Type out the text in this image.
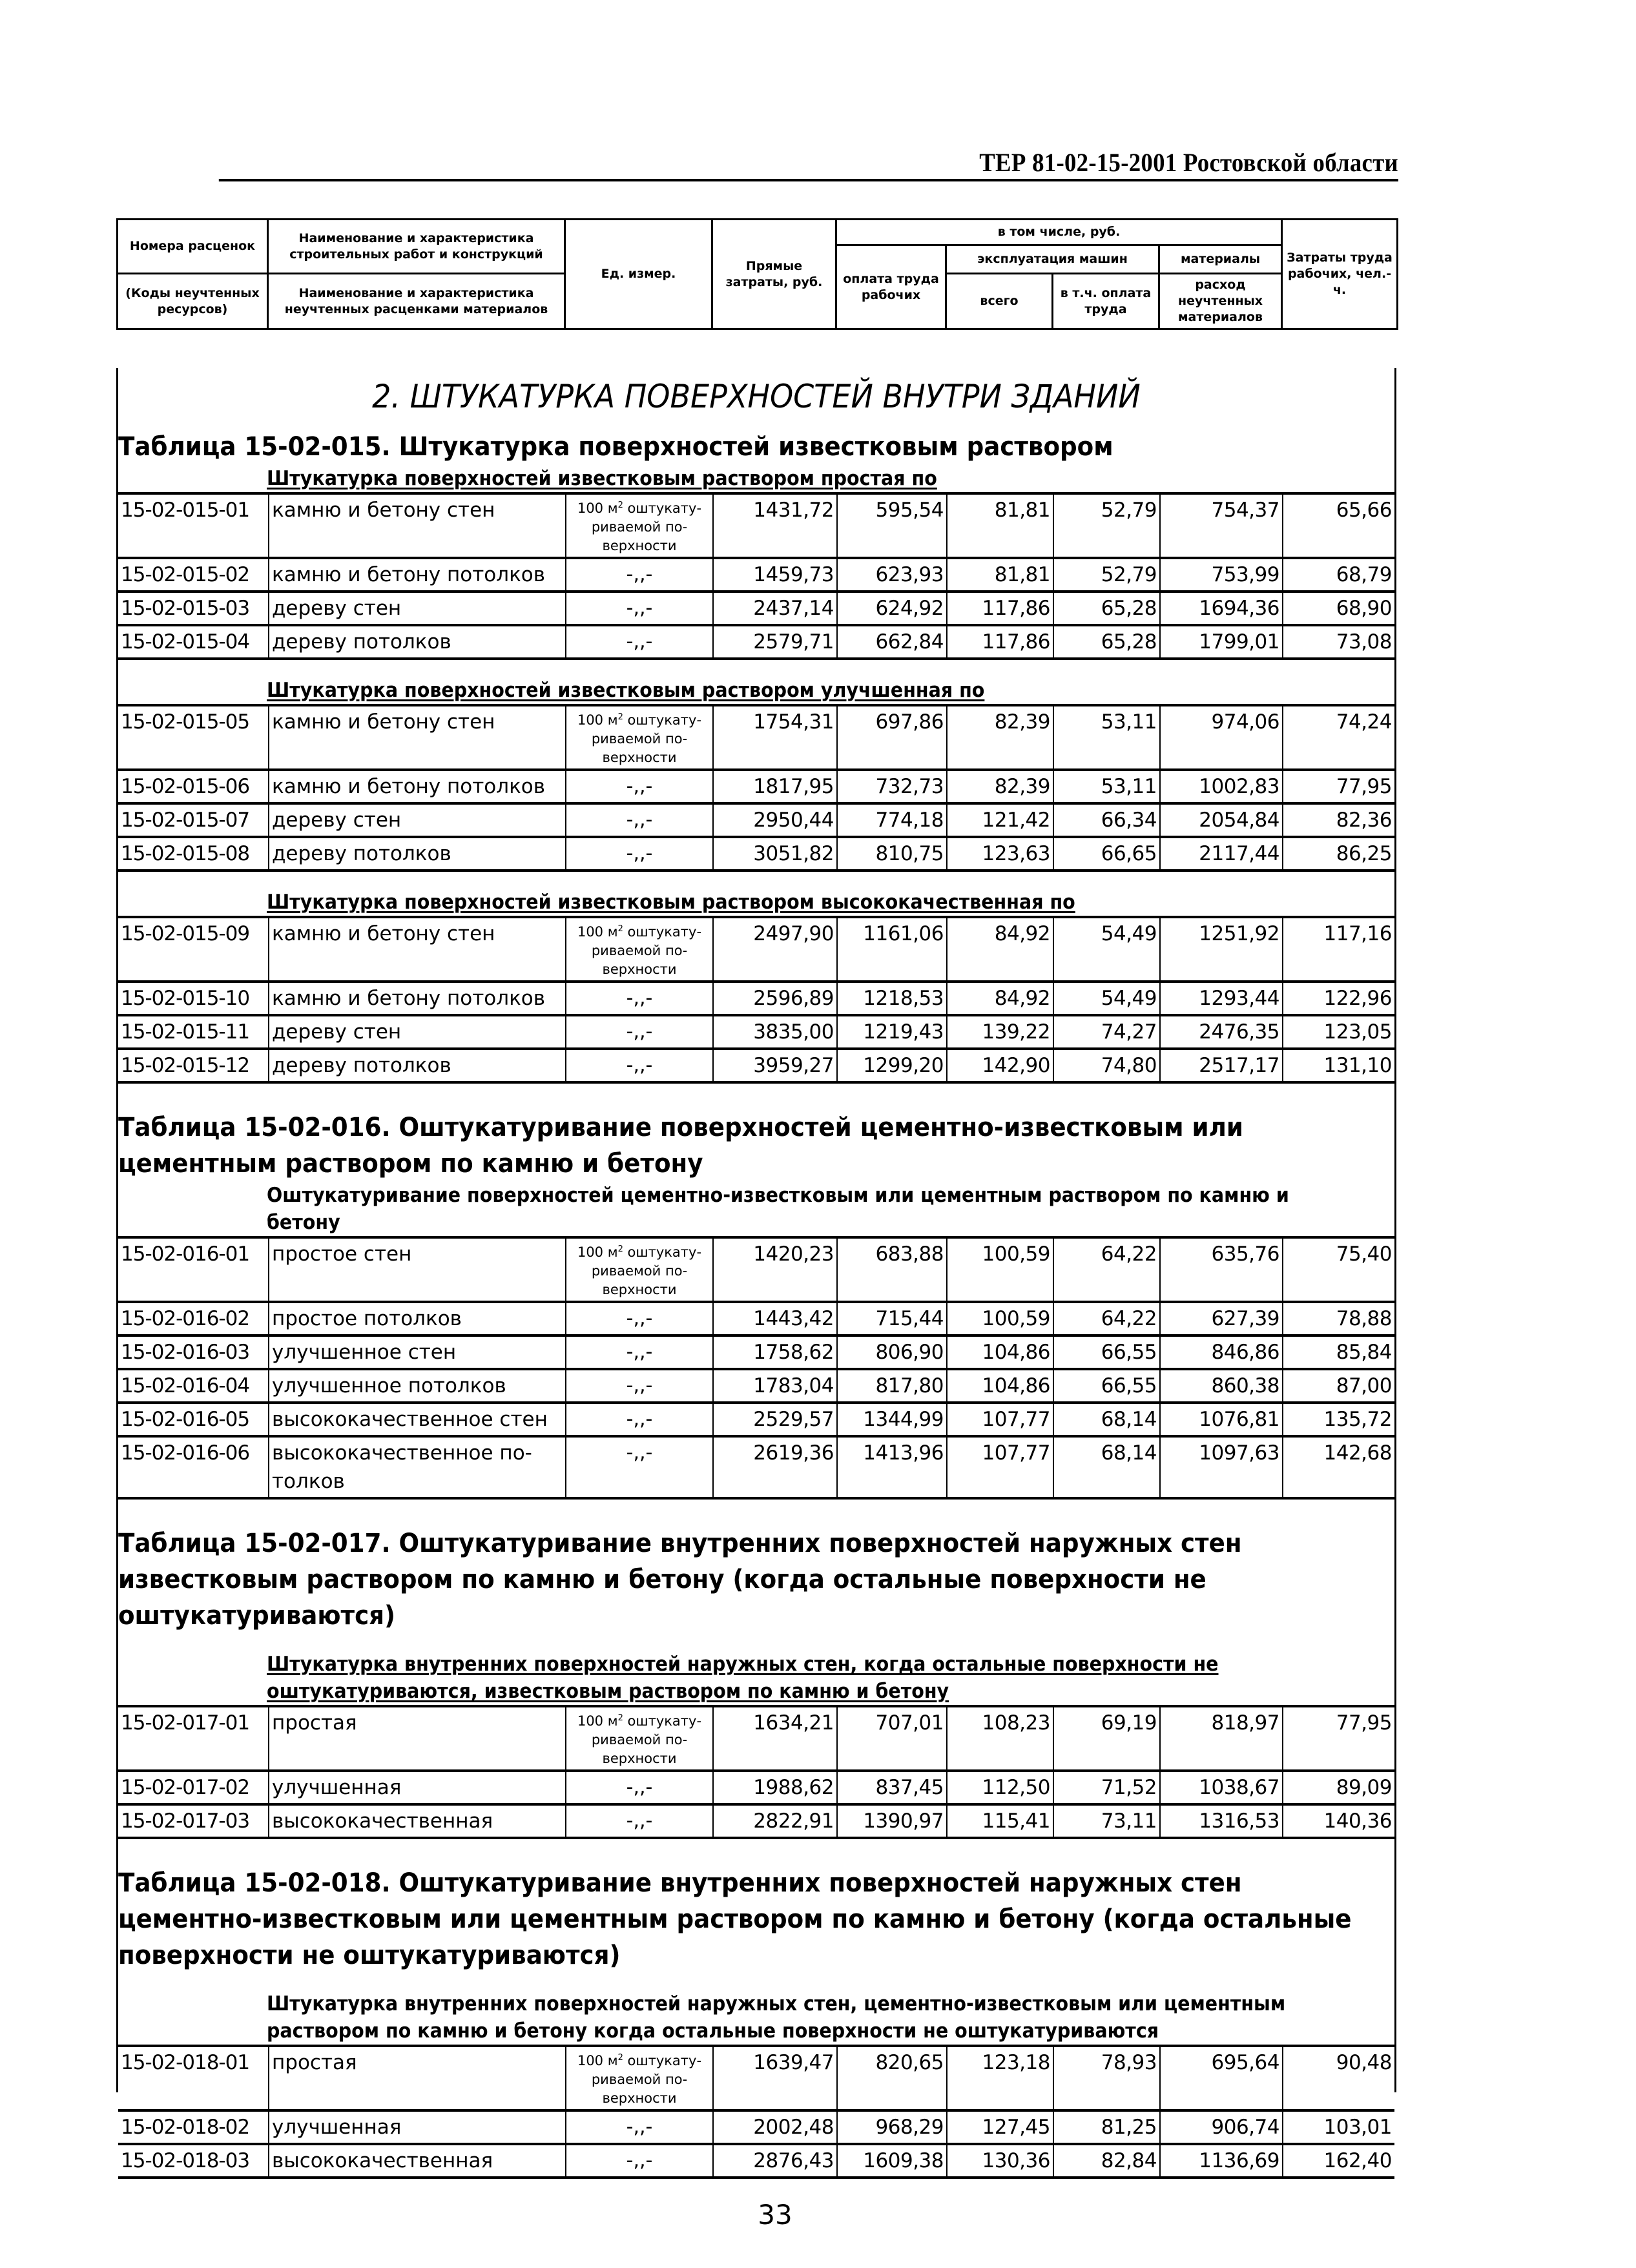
ТЕР 81-02-15-2001 Ростовской области
Номера расценок	Наименование и характеристика строительных работ и конструкций	Ед. измер.	Прямые затраты, руб.	в том числе, руб.				Затраты труда рабочих, чел.-ч.
				оплата труда рабочих	эксплуатация машин		материалы	
(Коды неучтенных ресурсов)	Наименование и характеристика неучтенных расценками материалов				всего	в т.ч. оплата труда	расход неучтенных материалов	

2. ШТУКАТУРКА ПОВЕРХНОСТЕЙ ВНУТРИ ЗДАНИЙ
Таблица 15-02-015. Штукатурка поверхностей известковым раствором
Штукатурка поверхностей известковым раствором простая по
15-02-015-01	камню и бетону стен	100 $м^2$ оштукату-риваемой по-верхности	1431,72	595,54	81,81	52,79	754,37	65,66
15-02-015-02	камню и бетону потолков	-,,-	1459,73	623,93	81,81	52,79	753,99	68,79
15-02-015-03	дереву стен	-,,-	2437,14	624,92	117,86	65,28	1694,36	68,90
15-02-015-04	дереву потолков	-,,-	2579,71	662,84	117,86	65,28	1799,01	73,08
Штукатурка поверхностей известковым раствором улучшенная по
15-02-015-05	камню и бетону стен	100 $м^2$ оштукату-риваемой по-верхности	1754,31	697,86	82,39	53,11	974,06	74,24
15-02-015-06	камню и бетону потолков	-,,-	1817,95	732,73	82,39	53,11	1002,83	77,95
15-02-015-07	дереву стен	-,,-	2950,44	774,18	121,42	66,34	2054,84	82,36
15-02-015-08	дереву потолков	-,,-	3051,82	810,75	123,63	66,65	2117,44	86,25
Штукатурка поверхностей известковым раствором высококачественная по
15-02-015-09	камню и бетону стен	100 $м^2$ оштукату-риваемой по-верхности	2497,90	1161,06	84,92	54,49	1251,92	117,16
15-02-015-10	камню и бетону потолков	-,,-	2596,89	1218,53	84,92	54,49	1293,44	122,96
15-02-015-11	дереву стен	-,,-	3835,00	1219,43	139,22	74,27	2476,35	123,05
15-02-015-12	дереву потолков	-,,-	3959,27	1299,20	142,90	74,80	2517,17	131,10
Таблица 15-02-016. Оштукатуривание поверхностей цементно-известковым или цементным раствором по камню и бетону
Оштукатуривание поверхностей цементно-известковым или цементным раствором по камню и бетону
15-02-016-01	простое стен	100 $м^2$ оштукату-риваемой по-верхности	1420,23	683,88	100,59	64,22	635,76	75,40
15-02-016-02	простое потолков	-,,-	1443,42	715,44	100,59	64,22	627,39	78,88
15-02-016-03	улучшенное стен	-,,-	1758,62	806,90	104,86	66,55	846,86	85,84
15-02-016-04	улучшенное потолков	-,,-	1783,04	817,80	104,86	66,55	860,38	87,00
15-02-016-05	высококачественное стен	-,,-	2529,57	1344,99	107,77	68,14	1076,81	135,72
15-02-016-06	высококачественное по-толков	-,,-	2619,36	1413,96	107,77	68,14	1097,63	142,68
Таблица 15-02-017. Оштукатуривание внутренних поверхностей наружных стен известковым раствором по камню и бетону (когда остальные поверхности не оштукатуриваются)
Штукатурка внутренних поверхностей наружных стен, когда остальные поверхности не оштукатуриваются, известковым раствором по камню и бетону
15-02-017-01	простая	100 $м^2$ оштукату-риваемой по-верхности	1634,21	707,01	108,23	69,19	818,97	77,95
15-02-017-02	улучшенная	-,,-	1988,62	837,45	112,50	71,52	1038,67	89,09
15-02-017-03	высококачественная	-,,-	2822,91	1390,97	115,41	73,11	1316,53	140,36
Таблица 15-02-018. Оштукатуривание внутренних поверхностей наружных стен цементно-известковым или цементным раствором по камню и бетону (когда остальные поверхности не оштукатуриваются)
Штукатурка внутренних поверхностей наружных стен, цементно-известковым или цементным раствором по камню и бетону когда остальные поверхности не оштукатуриваются
15-02-018-01	простая	100 $м^2$ оштукату-риваемой по-верхности	1639,47	820,65	123,18	78,93	695,64	90,48
15-02-018-02	улучшенная	-,,-	2002,48	968,29	127,45	81,25	906,74	103,01
15-02-018-03	высококачественная	-,,-	2876,43	1609,38	130,36	82,84	1136,69	162,40
33
